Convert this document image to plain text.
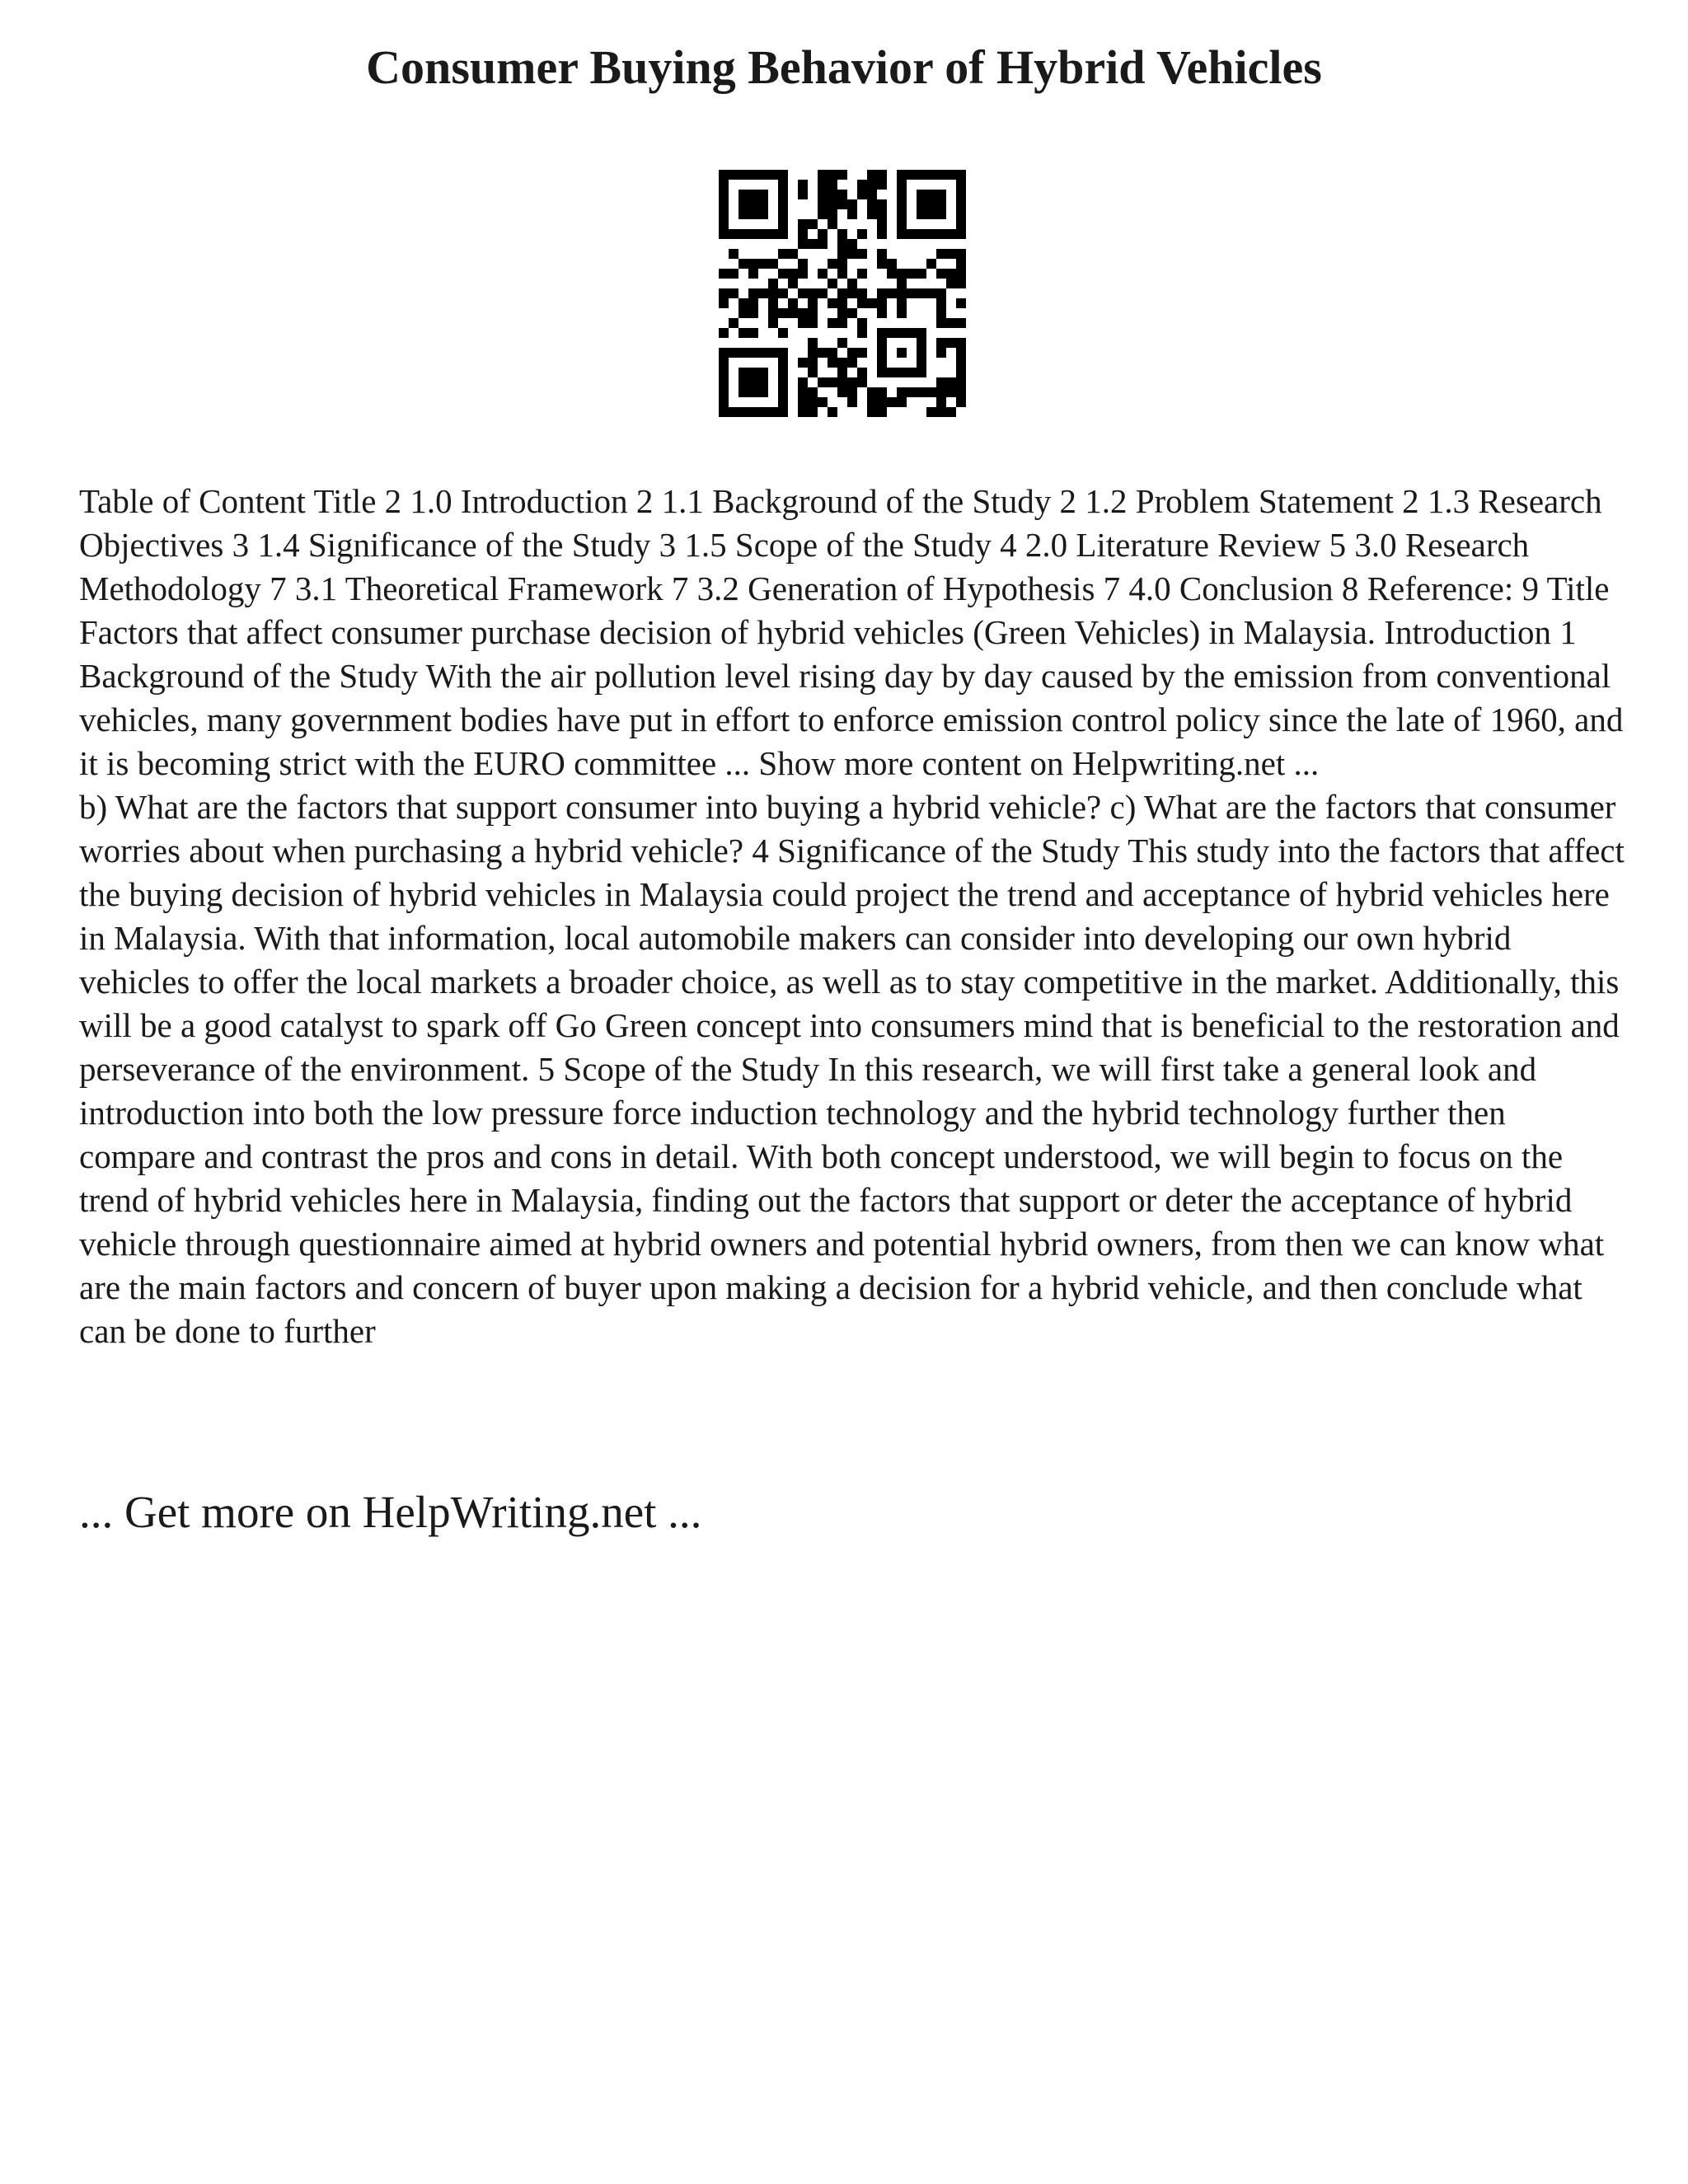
Consumer Buying Behavior of Hybrid Vehicles

Table of Content Title 2 1.0 Introduction 2 1.1 Background of the Study 2 1.2 Problem Statement 2 1.3 Research Objectives 3 1.4 Significance of the Study 3 1.5 Scope of the Study 4 2.0 Literature Review 5 3.0 Research Methodology 7 3.1 Theoretical Framework 7 3.2 Generation of Hypothesis 7 4.0 Conclusion 8 Reference: 9 Title Factors that affect consumer purchase decision of hybrid vehicles (Green Vehicles) in Malaysia. Introduction 1 Background of the Study With the air pollution level rising day by day caused by the emission from conventional vehicles, many government bodies have put in effort to enforce emission control policy since the late of 1960, and it is becoming strict with the EURO committee ... Show more content on Helpwriting.net ...

b) What are the factors that support consumer into buying a hybrid vehicle? c) What are the factors that consumer worries about when purchasing a hybrid vehicle? 4 Significance of the Study This study into the factors that affect the buying decision of hybrid vehicles in Malaysia could project the trend and acceptance of hybrid vehicles here in Malaysia. With that information, local automobile makers can consider into developing our own hybrid vehicles to offer the local markets a broader choice, as well as to stay competitive in the market. Additionally, this will be a good catalyst to spark off Go Green concept into consumers mind that is beneficial to the restoration and perseverance of the environment. 5 Scope of the Study In this research, we will first take a general look and introduction into both the low pressure force induction technology and the hybrid technology further then compare and contrast the pros and cons in detail. With both concept understood, we will begin to focus on the trend of hybrid vehicles here in Malaysia, finding out the factors that support or deter the acceptance of hybrid vehicle through questionnaire aimed at hybrid owners and potential hybrid owners, from then we can know what are the main factors and concern of buyer upon making a decision for a hybrid vehicle, and then conclude what can be done to further

... Get more on HelpWriting.net ...
